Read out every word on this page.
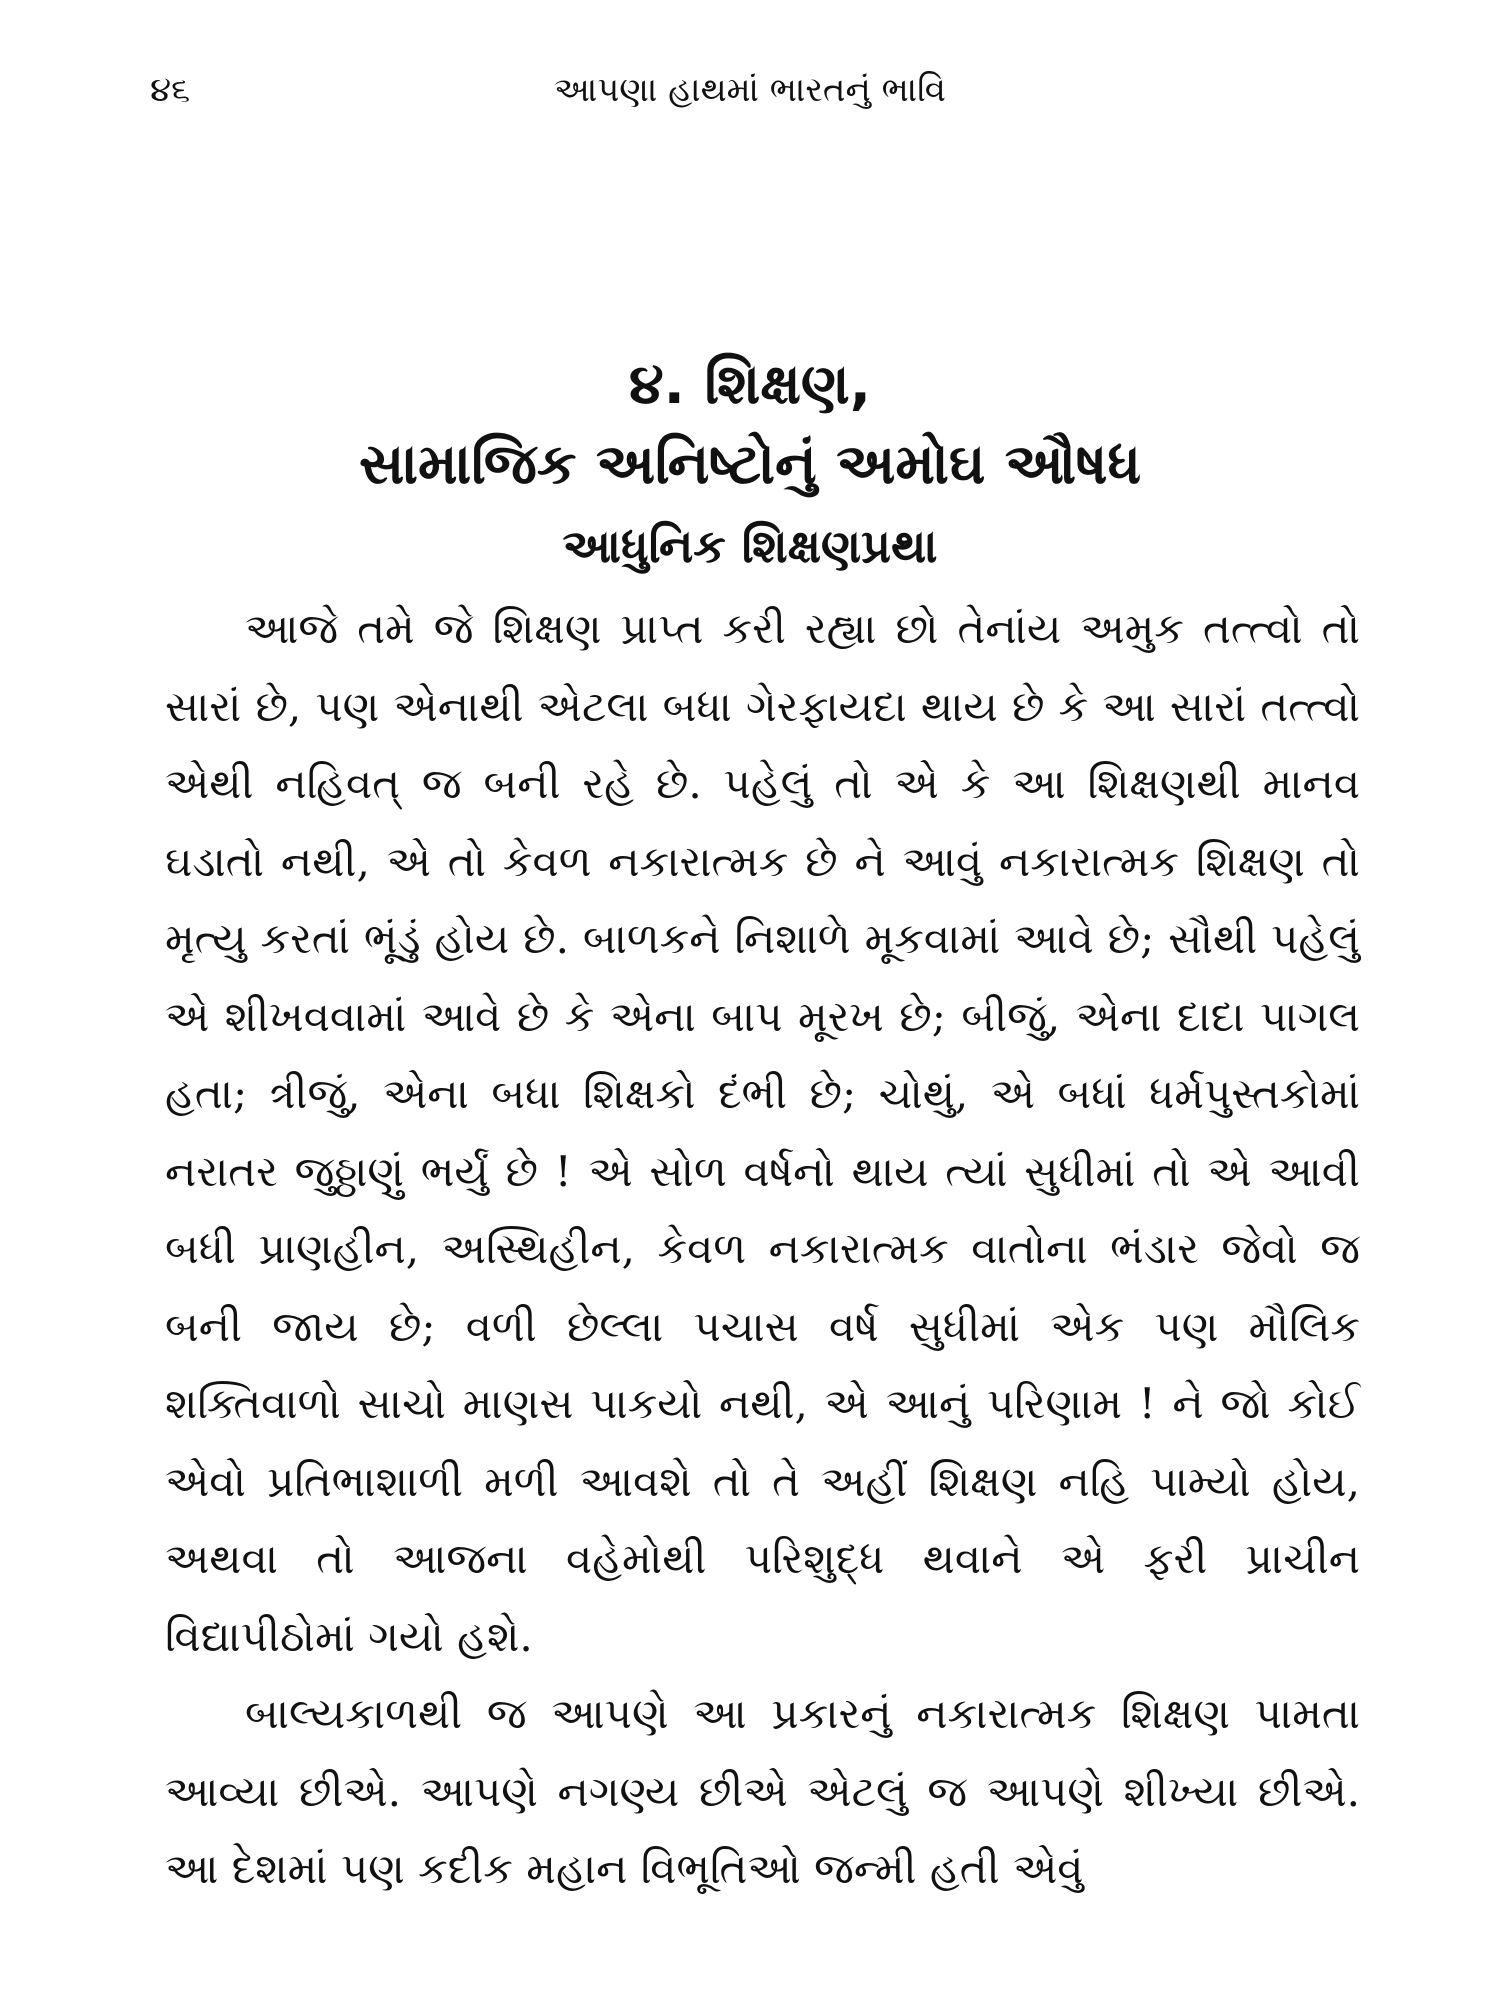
૪૬	આપણા હાથમાં ભારતનું ભાવિ
૪. શિક્ષણ,
સામાજિક અનિષ્ટોનું અમોઘ ઔષધ
આધુનિક શિક્ષણપ્રથા

આજે તમે જે શિક્ષણ પ્રાપ્ત કરી રહ્યા છો તેનાંય અમુક તત્ત્વો તો સારાં છે, પણ એનાથી એટલા બધા ગેરફાયદા થાય છે કે આ સારાં તત્ત્વો એથી નહિવત્ જ બની રહે છે. પહેલું તો એ કે આ શિક્ષણથી માનવ ઘડાતો નથી, એ તો કેવળ નકારાત્મક છે ને આવું નકારાત્મક શિક્ષણ તો મૃત્યુ કરતાં ભૂંડું હોય છે. બાળકને નિશાળે મૂકવામાં આવે છે; સૌથી પહેલું એ શીખવવામાં આવે છે કે એના બાપ મૂરખ છે; બીજું, એના દાદા પાગલ હતા; ત્રીજું, એના બધા શિક્ષકો દંભી છે; ચોથું, એ બધાં ધર્મપુસ્તકોમાં નરાતર જુઠ્ઠાણું ભર્યું છે ! એ સોળ વર્ષનો થાય ત્યાં સુધીમાં તો એ આવી બધી પ્રાણહીન, અસ્થિહીન, કેવળ નકારાત્મક વાતોના ભંડાર જેવો જ બની જાય છે; વળી છેલ્લા પચાસ વર્ષ સુધીમાં એક પણ મૌલિક શક્તિવાળો સાચો માણસ પાકયો નથી, એ આનું પરિણામ ! ને જો કોઈ એવો પ્રતિભાશાળી મળી આવશે તો તે અહીં શિક્ષણ નહિ પામ્યો હોય, અથવા તો આજના વહેમોથી પરિશુદ્ધ થવાને એ ફરી પ્રાચીન વિદ્યાપીઠોમાં ગયો હશે.

બાલ્યકાળથી જ આપણે આ પ્રકારનું નકારાત્મક શિક્ષણ પામતા આવ્યા છીએ. આપણે નગણ્ય છીએ એટલું જ આપણે શીખ્યા છીએ. આ દેશમાં પણ કદીક મહાન વિભૂતિઓ જન્મી હતી એવું
